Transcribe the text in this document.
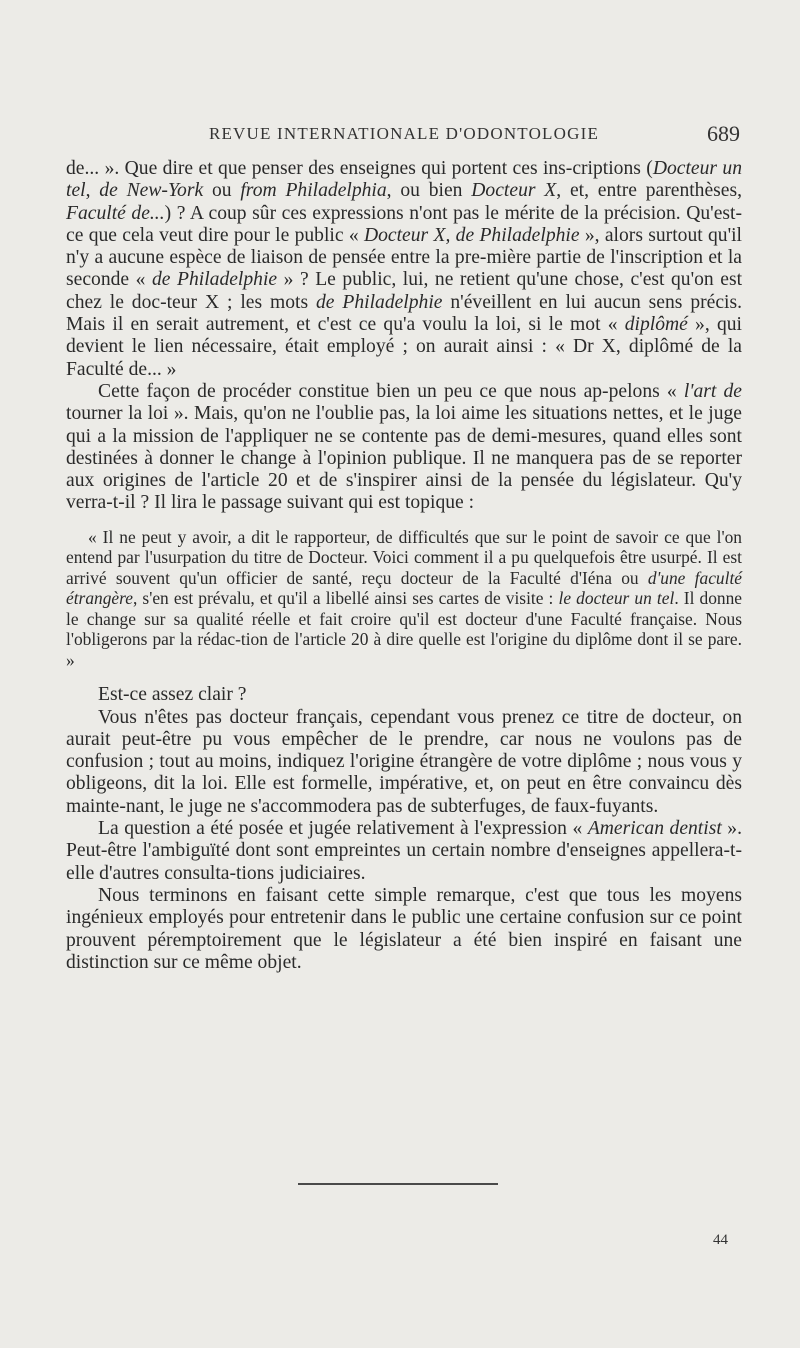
REVUE INTERNATIONALE D'ODONTOLOGIE	689

de... ». Que dire et que penser des enseignes qui portent ces ins-criptions (Docteur un tel, de New-York ou from Philadelphia, ou bien Docteur X, et, entre parenthèses, Faculté de...) ? A coup sûr ces expressions n'ont pas le mérite de la précision. Qu'est-ce que cela veut dire pour le public « Docteur X, de Philadelphie », alors surtout qu'il n'y a aucune espèce de liaison de pensée entre la pre-mière partie de l'inscription et la seconde « de Philadelphie » ? Le public, lui, ne retient qu'une chose, c'est qu'on est chez le doc-teur X ; les mots de Philadelphie n'éveillent en lui aucun sens précis. Mais il en serait autrement, et c'est ce qu'a voulu la loi, si le mot « diplômé », qui devient le lien nécessaire, était employé ; on aurait ainsi : « Dr X, diplômé de la Faculté de... »

Cette façon de procéder constitue bien un peu ce que nous ap-pelons « l'art de tourner la loi ». Mais, qu'on ne l'oublie pas, la loi aime les situations nettes, et le juge qui a la mission de l'appliquer ne se contente pas de demi-mesures, quand elles sont destinées à donner le change à l'opinion publique. Il ne manquera pas de se reporter aux origines de l'article 20 et de s'inspirer ainsi de la pensée du législateur. Qu'y verra-t-il ? Il lira le passage suivant qui est topique :

« Il ne peut y avoir, a dit le rapporteur, de difficultés que sur le point de savoir ce que l'on entend par l'usurpation du titre de Docteur. Voici comment il a pu quelquefois être usurpé. Il est arrivé souvent qu'un officier de santé, reçu docteur de la Faculté d'Iéna ou d'une faculté étrangère, s'en est prévalu, et qu'il a libellé ainsi ses cartes de visite : le docteur un tel. Il donne le change sur sa qualité réelle et fait croire qu'il est docteur d'une Faculté française. Nous l'obligerons par la rédac-tion de l'article 20 à dire quelle est l'origine du diplôme dont il se pare. »

Est-ce assez clair ?

Vous n'êtes pas docteur français, cependant vous prenez ce titre de docteur, on aurait peut-être pu vous empêcher de le prendre, car nous ne voulons pas de confusion ; tout au moins, indiquez l'origine étrangère de votre diplôme ; nous vous y obligeons, dit la loi. Elle est formelle, impérative, et, on peut en être convaincu dès mainte-nant, le juge ne s'accommodera pas de subterfuges, de faux-fuyants.

La question a été posée et jugée relativement à l'expression « American dentist ». Peut-être l'ambiguïté dont sont empreintes un certain nombre d'enseignes appellera-t-elle d'autres consulta-tions judiciaires.

Nous terminons en faisant cette simple remarque, c'est que tous les moyens ingénieux employés pour entretenir dans le public une certaine confusion sur ce point prouvent péremptoirement que le législateur a été bien inspiré en faisant une distinction sur ce même objet.

44
